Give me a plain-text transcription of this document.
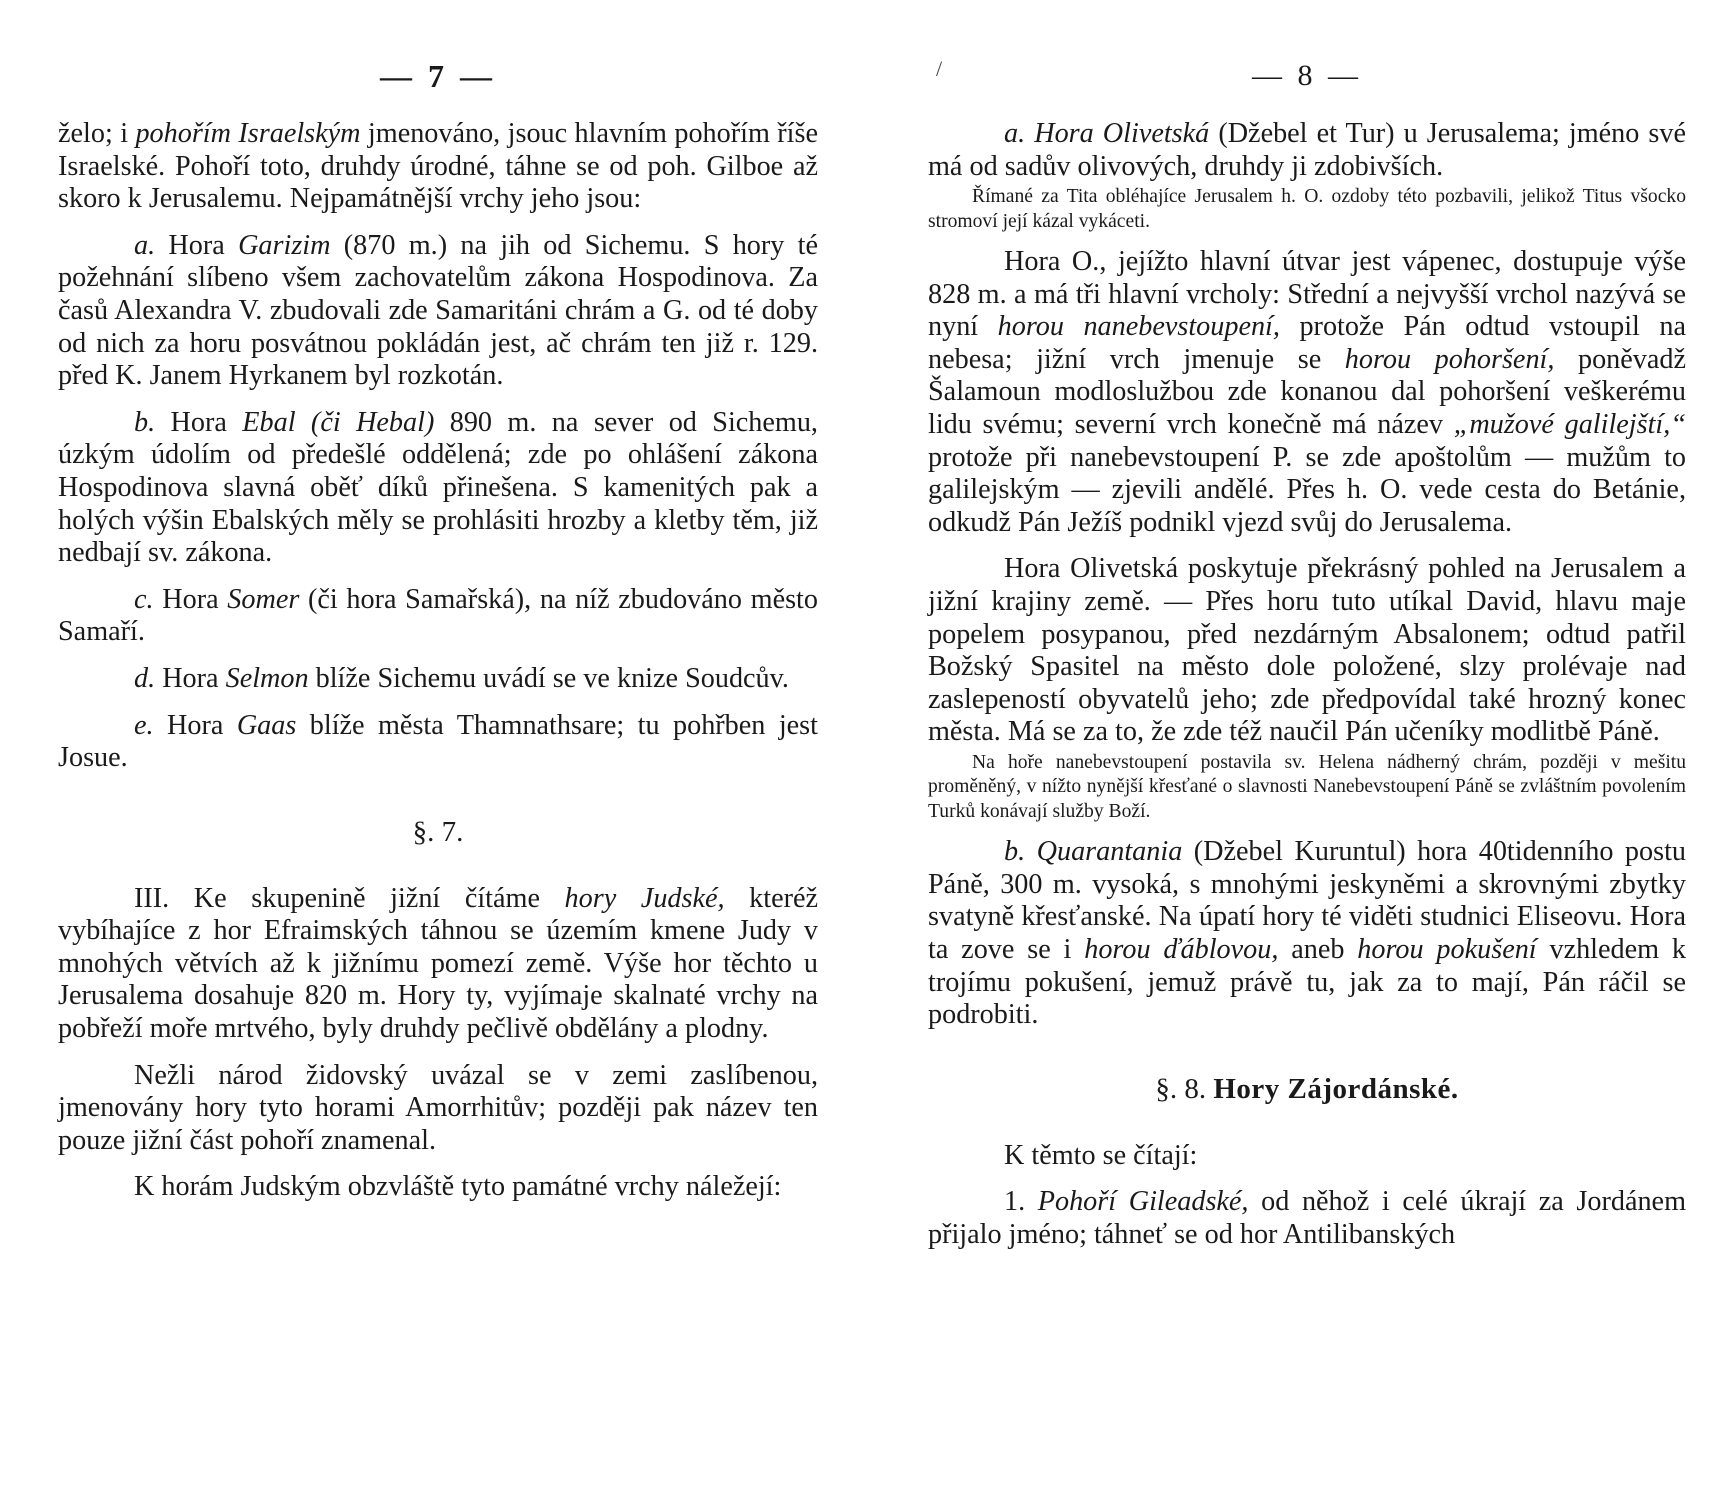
— 7 —

želo; i pohořím Israelským jmenováno, jsouc hlavním pohořím říše Israelské. Pohoří toto, druhdy úrodné, táhne se od poh. Gilboe až skoro k Jerusalemu. Nejpamátnější vrchy jeho jsou:

a. Hora Garizim (870 m.) na jih od Sichemu. S hory té požehnání slíbeno všem zachovatelům zákona Hospodinova. Za časů Alexandra V. zbudovali zde Samaritáni chrám a G. od té doby od nich za horu posvátnou pokládán jest, ač chrám ten již r. 129. před K. Janem Hyrkanem byl rozkotán.

b. Hora Ebal (či Hebal) 890 m. na sever od Sichemu, úzkým údolím od předešlé oddělená; zde po ohlášení zákona Hospodinova slavná oběť díků přinešena. S kamenitých pak a holých výšin Ebalských měly se prohlásiti hrozby a kletby těm, již nedbají sv. zákona.

c. Hora Somer (či hora Samařská), na níž zbudováno město Samaří.

d. Hora Selmon blíže Sichemu uvádí se ve knize Soudcův.

e. Hora Gaas blíže města Thamnathsare; tu pohřben jest Josue.

§. 7.

III. Ke skupenině jižní čítáme hory Judské, kteréž vybíhajíce z hor Efraimských táhnou se územím kmene Judy v mnohých větvích až k jižnímu pomezí země. Výše hor těchto u Jerusalema dosahuje 820 m. Hory ty, vyjímaje skalnaté vrchy na pobřeží moře mrtvého, byly druhdy pečlivě obdělány a plodny.

Nežli národ židovský uvázal se v zemi zaslíbenou, jmenovány hory tyto horami Amorrhitův; později pak název ten pouze jižní část pohoří znamenal.

K horám Judským obzvláště tyto památné vrchy náležejí:

/	— 8 —

a. Hora Olivetská (Džebel et Tur) u Jerusalema; jméno své má od sadův olivových, druhdy ji zdobivších.

Římané za Tita obléhajíce Jerusalem h. O. ozdoby této pozbavili, jelikož Titus všocko stromoví její kázal vykáceti.

Hora O., jejížto hlavní útvar jest vápenec, dostupuje výše 828 m. a má tři hlavní vrcholy: Střední a nejvyšší vrchol nazývá se nyní horou nanebevstoupení, protože Pán odtud vstoupil na nebesa; jižní vrch jmenuje se horou pohoršení, poněvadž Šalamoun modloslužbou zde konanou dal pohoršení veškerému lidu svému; severní vrch konečně má název „mužové galilejští,“ protože při nanebevstoupení P. se zde apoštolům — mužům to galilejským — zjevili andělé. Přes h. O. vede cesta do Betánie, odkudž Pán Ježíš podnikl vjezd svůj do Jerusalema.

Hora Olivetská poskytuje překrásný pohled na Jerusalem a jižní krajiny země. — Přes horu tuto utíkal David, hlavu maje popelem posypanou, před nezdárným Absalonem; odtud patřil Božský Spasitel na město dole položené, slzy prolévaje nad zaslepeností obyvatelů jeho; zde předpovídal také hrozný konec města. Má se za to, že zde též naučil Pán učeníky modlitbě Páně.

Na hoře nanebevstoupení postavila sv. Helena nádherný chrám, později v mešitu proměněný, v nížto nynější křesťané o slavnosti Nanebevstoupení Páně se zvláštním povolením Turků konávají služby Boží.

b. Quarantania (Džebel Kuruntul) hora 40tidenního postu Páně, 300 m. vysoká, s mnohými jeskyněmi a skrovnými zbytky svatyně křesťanské. Na úpatí hory té viděti studnici Eliseovu. Hora ta zove se i horou ďáblovou, aneb horou pokušení vzhledem k trojímu pokušení, jemuž právě tu, jak za to mají, Pán ráčil se podrobiti.

§. 8. Hory Zájordánské.

K těmto se čítají:

1. Pohoří Gileadské, od něhož i celé úkrají za Jordánem přijalo jméno; táhneť se od hor Antilibanských
